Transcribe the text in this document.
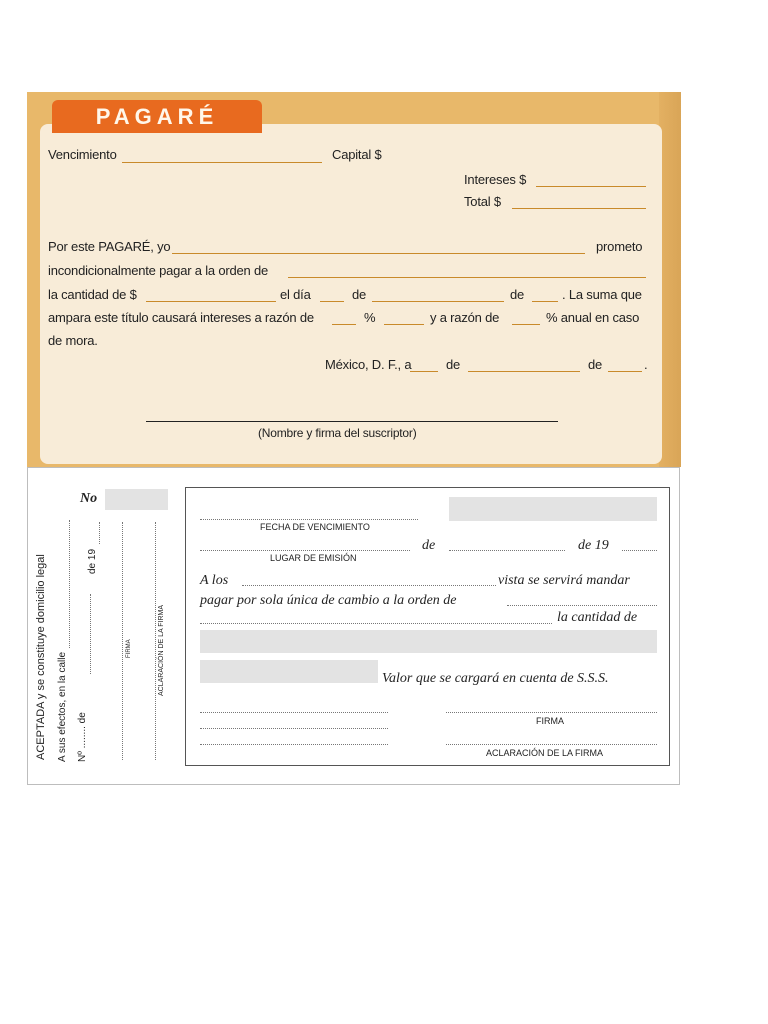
PAGARÉ
Vencimiento	Capital $
Intereses $
Total $
Por este PAGARÉ, yo	prometo
incondicionalmente pagar a la orden de
la cantidad de $	el día	de	de	. La suma que
ampara este título causará intereses a razón de	%	y a razón de	% anual en caso
de mora.
México, D. F., a	de	de	.
(Nombre y firma del suscriptor)
No
ACEPTADA y se constituye domicilio legal A sus efectos, en la calle Nº ........ de
de 19
FIRMA	ACLARACIÓN DE LA FIRMA
FECHA DE VENCIMIENTO
de	de 19
LUGAR DE EMISIÓN
A los	vista se servirá mandar
pagar por sola única de cambio a la orden de
la cantidad de
Valor que se cargará en cuenta de S.S.S.
FIRMA
ACLARACIÓN DE LA FIRMA
